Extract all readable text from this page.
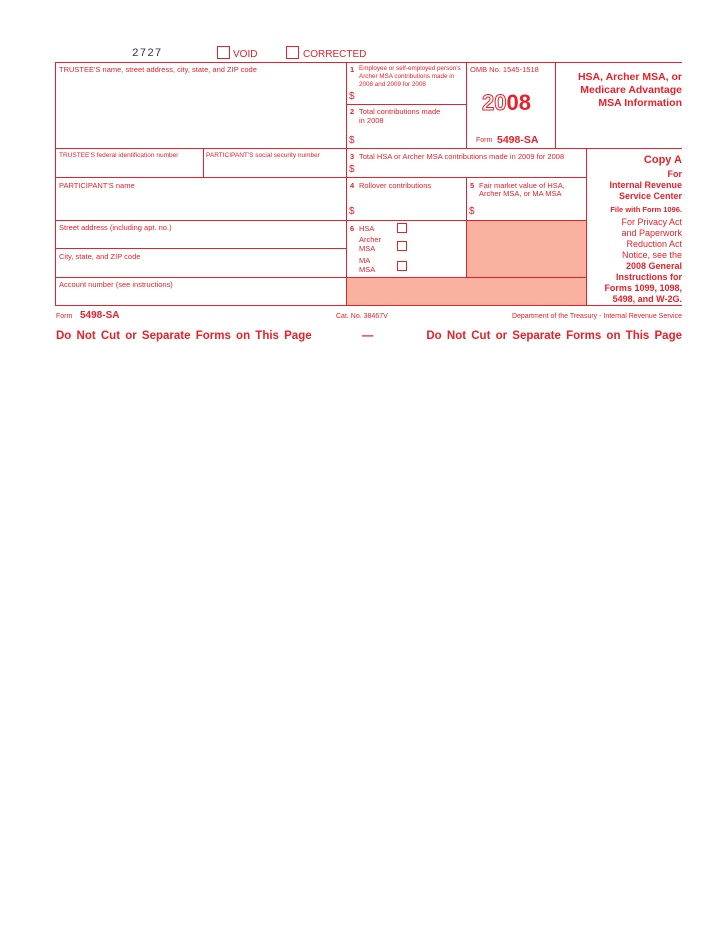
2727	VOID	CORRECTED
TRUSTEE'S name, street address, city, state, and ZIP code
TRUSTEE'S federal identification number	PARTICIPANT'S social security number
PARTICIPANT'S name
Street address (including apt. no.)
City, state, and ZIP code
Account number (see instructions)
1 Employee or self-employed person's
Archer MSA contributions made in
2008 and 2009 for 2008
$
2 Total contributions made
in 2008
$
OMB No. 1545-1518
2008
Form 5498-SA
HSA, Archer MSA, or
Medicare Advantage
MSA Information
3 Total HSA or Archer MSA contributions made in 2009 for 2008
$
4 Rollover contributions
$
5 Fair market value of HSA,
Archer MSA, or MA MSA
$
6 HSA
Archer
MSA
MA
MSA
Copy A
For
Internal Revenue
Service Center
File with Form 1096.
For Privacy Act
and Paperwork
Reduction Act
Notice, see the
2008 General
Instructions for
Forms 1099, 1098,
5498, and W-2G.
Form 5498-SA	Cat. No. 38467V	Department of the Treasury - Internal Revenue Service
Do Not Cut or Separate Forms on This Page	—	Do Not Cut or Separate Forms on This Page
